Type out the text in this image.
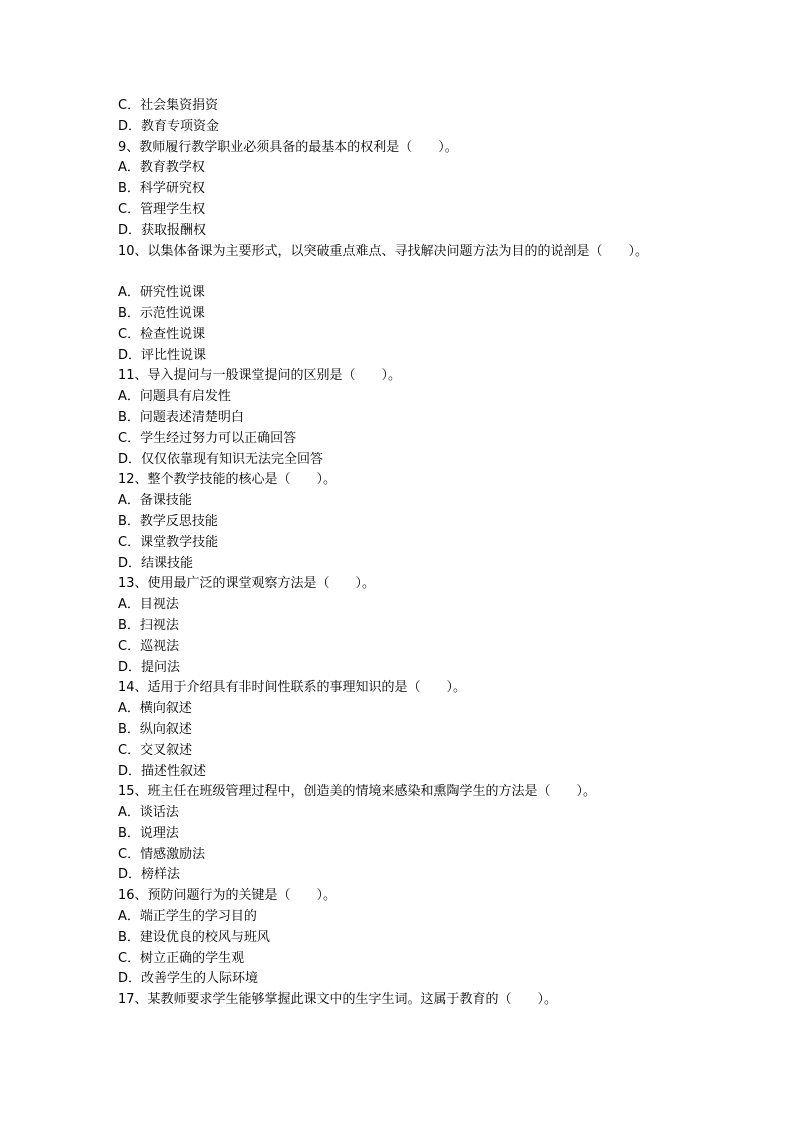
C．社会集资捐资
D．教育专项资金
9、教师履行教学职业必须具备的最基本的权利是（　　）。
A．教育教学权
B．科学研究权
C．管理学生权
D．获取报酬权
10、以集体备课为主要形式，以突破重点难点、寻找解决问题方法为目的的说剖是（　　）。
A．研究性说课
B．示范性说课
C．检查性说课
D．评比性说课
11、导入提问与一般课堂提问的区别是（　　）。
A．问题具有启发性
B．问题表述清楚明白
C．学生经过努力可以正确回答
D．仅仅依靠现有知识无法完全回答
12、整个教学技能的核心是（　　）。
A．备课技能
B．教学反思技能
C．课堂教学技能
D．结课技能
13、使用最广泛的课堂观察方法是（　　）。
A．目视法
B．扫视法
C．巡视法
D．提问法
14、适用于介绍具有非时间性联系的事理知识的是（　　）。
A．横向叙述
B．纵向叙述
C．交叉叙述
D．描述性叙述
15、班主任在班级管理过程中，创造美的情境来感染和熏陶学生的方法是（　　）。
A．谈话法
B．说理法
C．情感激励法
D．榜样法
16、预防问题行为的关键是（　　）。
A．端正学生的学习目的
B．建设优良的校风与班风
C．树立正确的学生观
D．改善学生的人际环境
17、某教师要求学生能够掌握此课文中的生字生词。这属于教育的（　　）。
